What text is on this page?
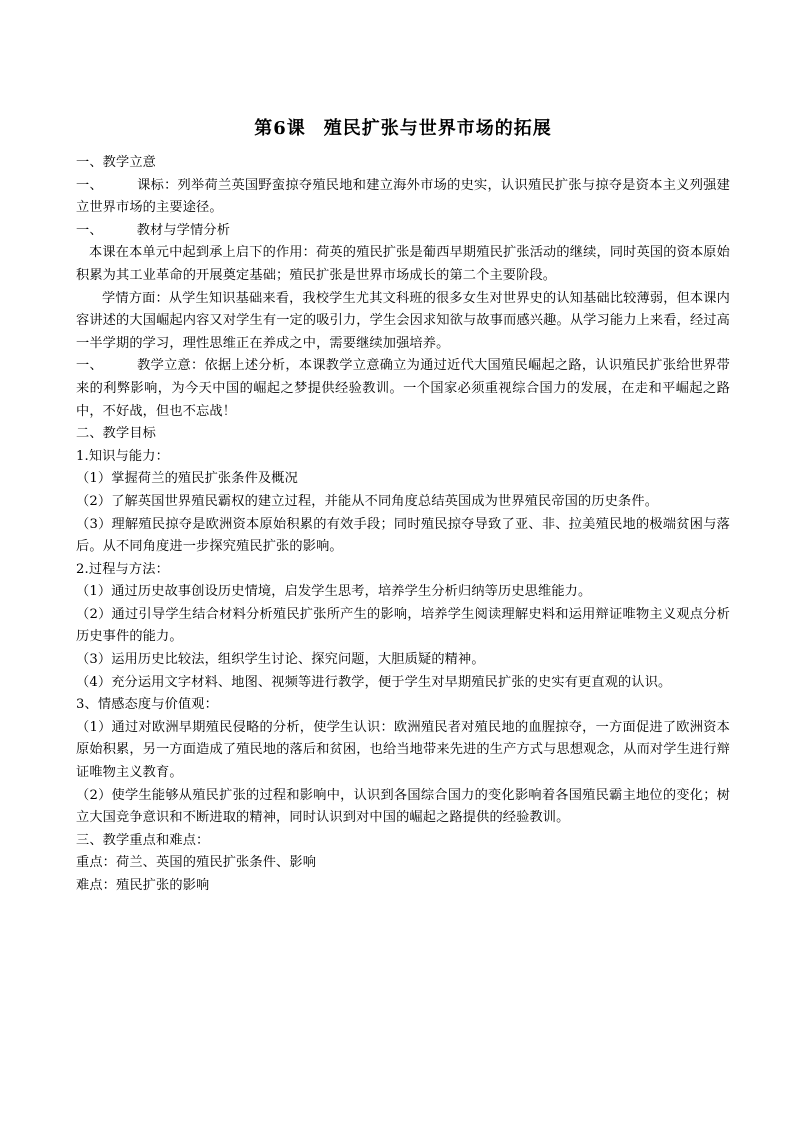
第6课 殖民扩张与世界市场的拓展

一、教学立意

一、	课标：列举荷兰英国野蛮掠夺殖民地和建立海外市场的史实，认识殖民扩张与掠夺是资本主义列强建立世界市场的主要途径。

一、	教材与学情分析

本课在本单元中起到承上启下的作用：荷英的殖民扩张是葡西早期殖民扩张活动的继续，同时英国的资本原始积累为其工业革命的开展奠定基础；殖民扩张是世界市场成长的第二个主要阶段。

学情方面：从学生知识基础来看，我校学生尤其文科班的很多女生对世界史的认知基础比较薄弱，但本课内容讲述的大国崛起内容又对学生有一定的吸引力，学生会因求知欲与故事而感兴趣。从学习能力上来看，经过高一半学期的学习，理性思维正在养成之中，需要继续加强培养。

一、	教学立意：依据上述分析，本课教学立意确立为通过近代大国殖民崛起之路，认识殖民扩张给世界带来的利弊影响，为今天中国的崛起之梦提供经验教训。一个国家必须重视综合国力的发展，在走和平崛起之路中，不好战，但也不忘战！

二、教学目标

1.知识与能力：

（1）掌握荷兰的殖民扩张条件及概况

（2）了解英国世界殖民霸权的建立过程，并能从不同角度总结英国成为世界殖民帝国的历史条件。

（3）理解殖民掠夺是欧洲资本原始积累的有效手段；同时殖民掠夺导致了亚、非、拉美殖民地的极端贫困与落后。从不同角度进一步探究殖民扩张的影响。

2.过程与方法：

（1）通过历史故事创设历史情境，启发学生思考，培养学生分析归纳等历史思维能力。

（2）通过引导学生结合材料分析殖民扩张所产生的影响，培养学生阅读理解史料和运用辩证唯物主义观点分析历史事件的能力。

（3）运用历史比较法，组织学生讨论、探究问题，大胆质疑的精神。

（4）充分运用文字材料、地图、视频等进行教学，便于学生对早期殖民扩张的史实有更直观的认识。

3、情感态度与价值观：

（1）通过对欧洲早期殖民侵略的分析，使学生认识：欧洲殖民者对殖民地的血腥掠夺，一方面促进了欧洲资本原始积累，另一方面造成了殖民地的落后和贫困，也给当地带来先进的生产方式与思想观念，从而对学生进行辩证唯物主义教育。

（2）使学生能够从殖民扩张的过程和影响中，认识到各国综合国力的变化影响着各国殖民霸主地位的变化；树立大国竞争意识和不断进取的精神，同时认识到对中国的崛起之路提供的经验教训。

三、教学重点和难点：

重点：荷兰、英国的殖民扩张条件、影响

难点：殖民扩张的影响
